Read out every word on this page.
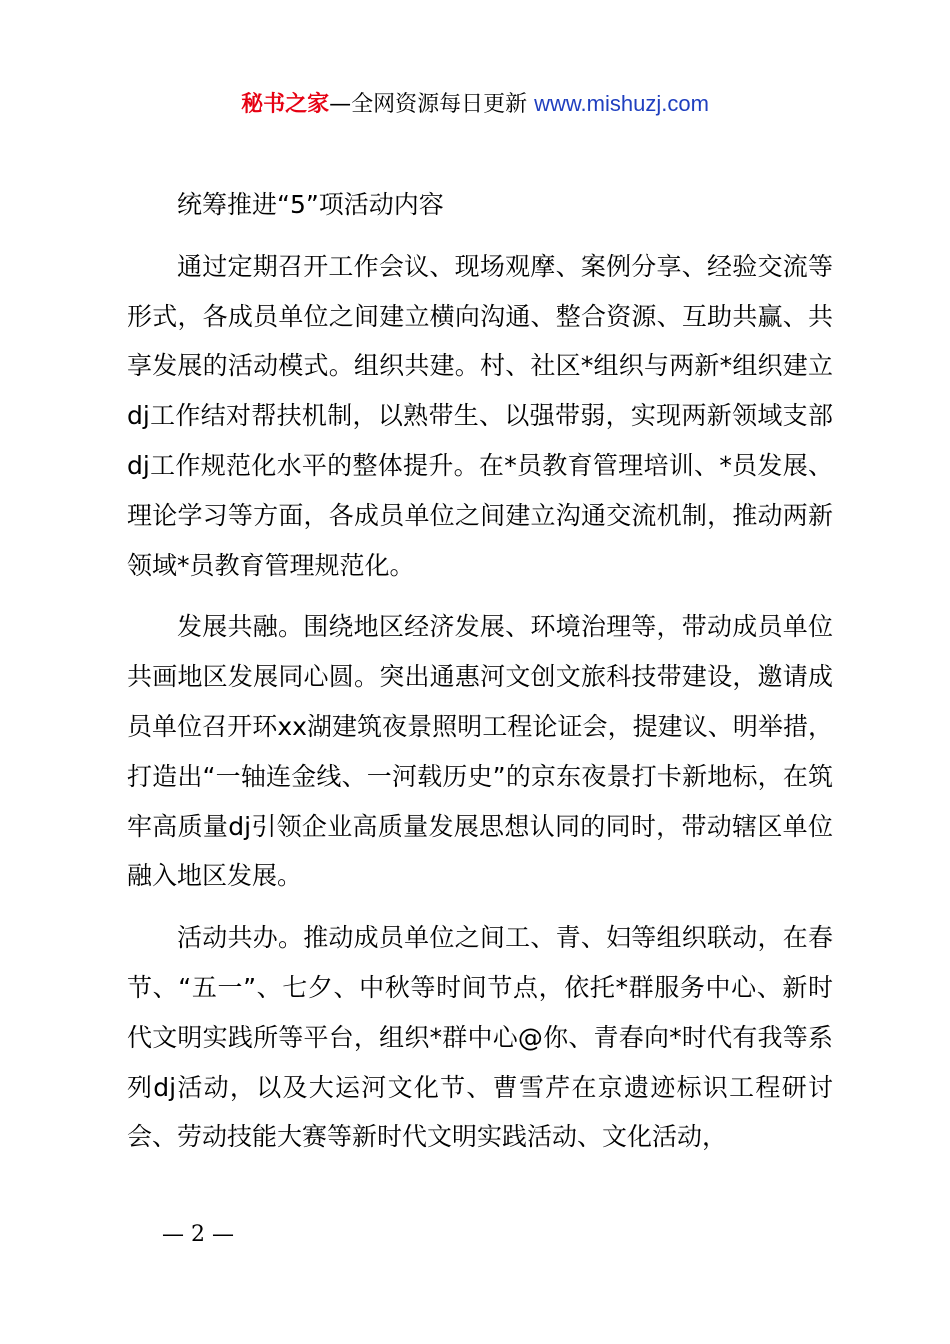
秘书之家—全网资源每日更新 www.mishuzj.com

统筹推进“5”项活动内容

通过定期召开工作会议、现场观摩、案例分享、经验交流等形式，各成员单位之间建立横向沟通、整合资源、互助共赢、共享发展的活动模式。组织共建。村、社区*组织与两新*组织建立dj工作结对帮扶机制，以熟带生、以强带弱，实现两新领域支部dj工作规范化水平的整体提升。在*员教育管理培训、*员发展、理论学习等方面，各成员单位之间建立沟通交流机制，推动两新领域*员教育管理规范化。

发展共融。围绕地区经济发展、环境治理等，带动成员单位共画地区发展同心圆。突出通惠河文创文旅科技带建设，邀请成员单位召开环xx湖建筑夜景照明工程论证会，提建议、明举措，打造出“一轴连金线、一河载历史”的京东夜景打卡新地标，在筑牢高质量dj引领企业高质量发展思想认同的同时，带动辖区单位融入地区发展。

活动共办。推动成员单位之间工、青、妇等组织联动，在春节、“五一”、七夕、中秋等时间节点，依托*群服务中心、新时代文明实践所等平台，组织*群中心@你、青春向*时代有我等系列dj活动，以及大运河文化节、曹雪芹在京遗迹标识工程研讨会、劳动技能大赛等新时代文明实践活动、文化活动，

— 2 —
